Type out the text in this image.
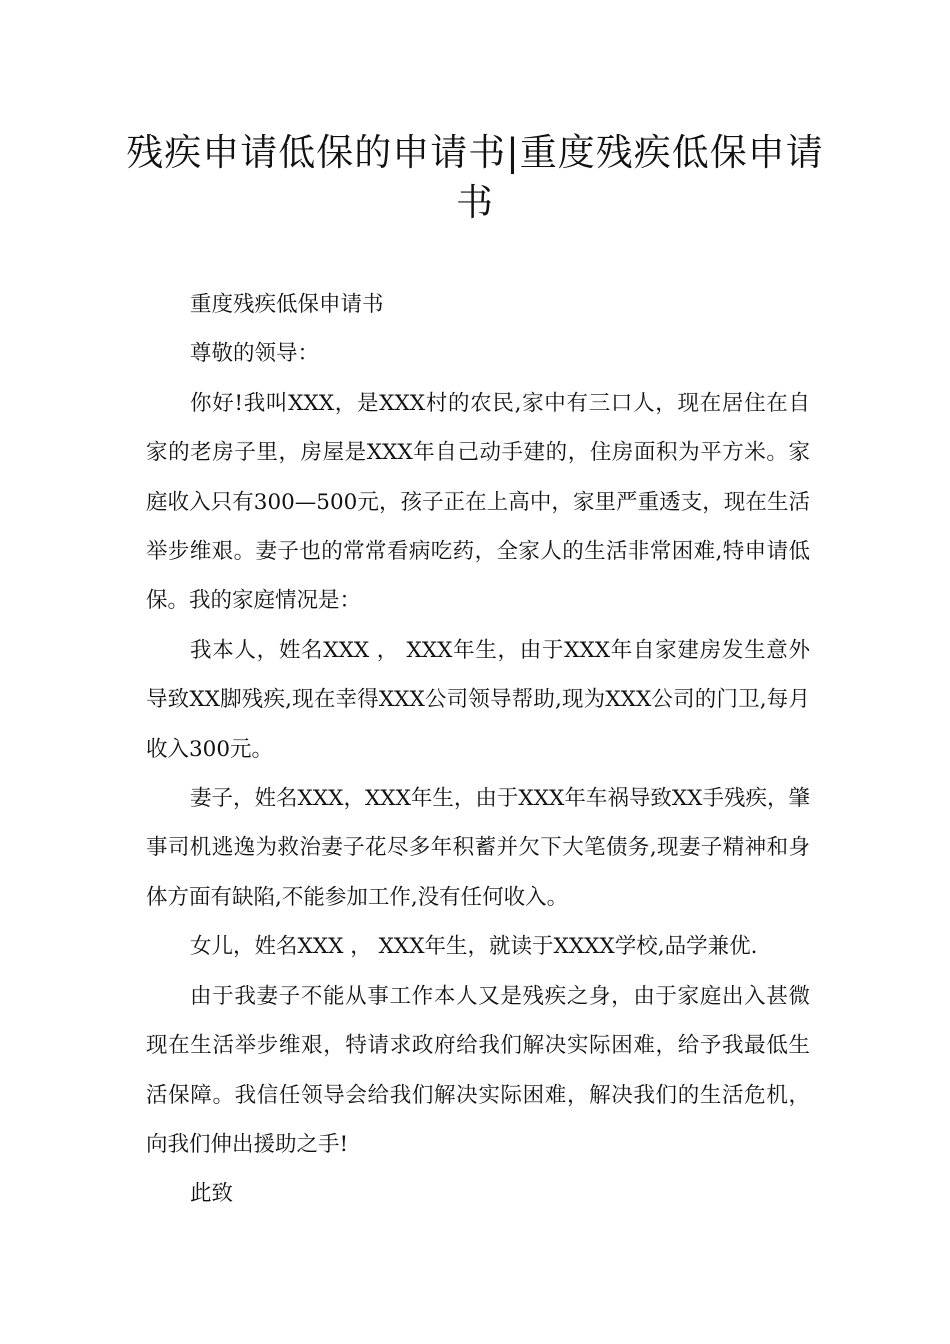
残疾申请低保的申请书|重度残疾低保申请书

重度残疾低保申请书

尊敬的领导：

你好!我叫XXX，是XXX村的农民,家中有三口人，现在居住在自家的老房子里，房屋是XXX年自己动手建的，住房面积为平方米。家庭收入只有300—500元，孩子正在上高中，家里严重透支，现在生活举步维艰。妻子也的常常看病吃药，全家人的生活非常困难,特申请低保。我的家庭情况是：

我本人，姓名XXX ， XXX年生，由于XXX年自家建房发生意外导致XX脚残疾,现在幸得XXX公司领导帮助,现为XXX公司的门卫,每月收入300元。

妻子，姓名XXX，XXX年生，由于XXX年车祸导致XX手残疾，肇事司机逃逸为救治妻子花尽多年积蓄并欠下大笔债务,现妻子精神和身体方面有缺陷,不能参加工作,没有任何收入。

女儿，姓名XXX ， XXX年生，就读于XXXX学校,品学兼优.

由于我妻子不能从事工作本人又是残疾之身，由于家庭出入甚微现在生活举步维艰，特请求政府给我们解决实际困难，给予我最低生活保障。我信任领导会给我们解决实际困难，解决我们的生活危机，向我们伸出援助之手!

此致
